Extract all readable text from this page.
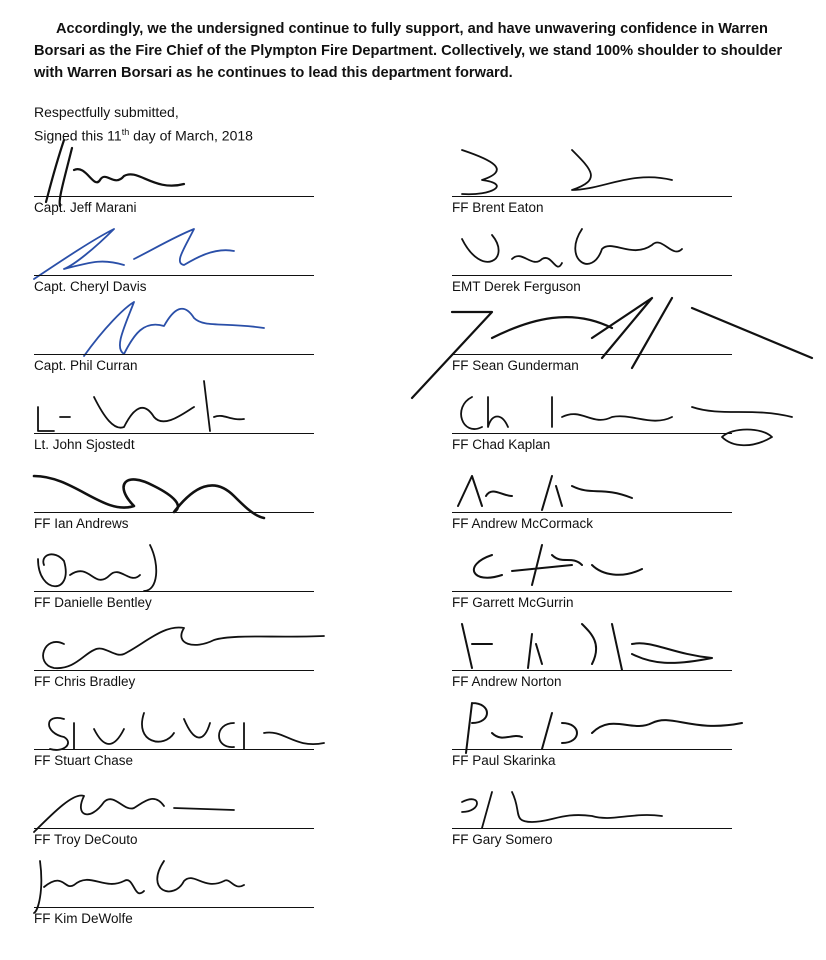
Accordingly, we the undersigned continue to fully support, and have unwavering confidence in Warren Borsari as the Fire Chief of the Plympton Fire Department. Collectively, we stand 100% shoulder to shoulder with Warren Borsari as he continues to lead this department forward.

Respectfully submitted,
Signed this 11th day of March, 2018
Capt. Jeff Marani
Capt. Cheryl Davis
Capt. Phil Curran
Lt. John Sjostedt
FF Ian Andrews
FF Danielle Bentley
FF Chris Bradley
FF Stuart Chase
FF Troy DeCouto
FF Kim DeWolfe
FF Brent Eaton
EMT Derek Ferguson
FF Sean Gunderman
FF Chad Kaplan
FF Andrew McCormack
FF Garrett McGurrin
FF Andrew Norton
FF Paul Skarinka
FF Gary Somero
